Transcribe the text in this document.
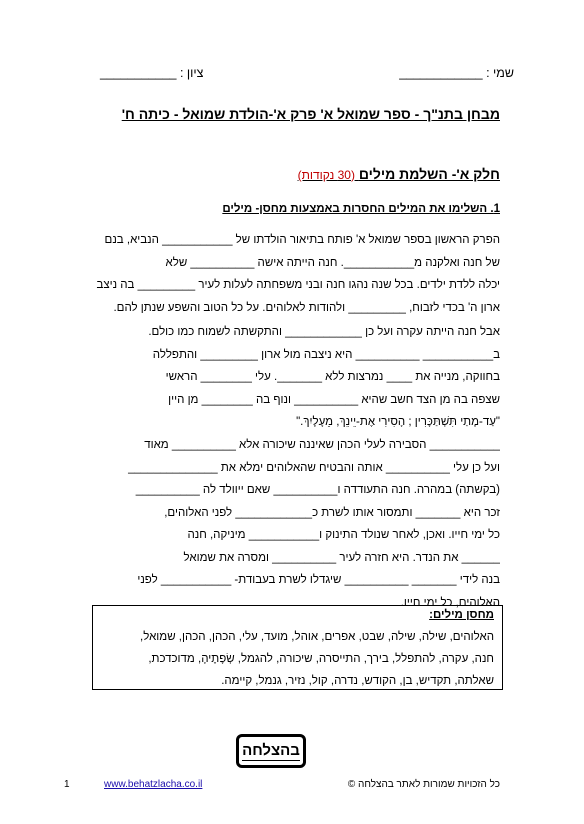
שמי : ____________
ציון : ___________
מבחן בתנ"ך - ספר שמואל א' פרק א'-הולדת שמואל - כיתה ח'
חלק א'- השלמת מילים (30 נקודות)
1. השלימו את המילים החסרות באמצעות מחסן- מילים
הפרק הראשון בספר שמואל א' פותח בתיאור הולדתו של ___________ הנביא, בנם
של חנה ואלקנה מ___________. חנה הייתה אישה __________ שלא
יכלה ללדת ילדים. בכל שנה נהגו חנה ובני משפחתה לעלות לעיר _________ בה ניצב
ארון ה' בכדי לזבוח, _________ ולהודות לאלוהים. על כל הטוב והשפע שנתן להם.
אבל חנה הייתה עקרה ועל כן ____________ והתקשתה לשמוח כמו כולם.
ב___________ __________ היא ניצבה מול ארון _________ והתפללה
בחווקה, מנייה את ____ נמרצות ללא _______. עלי ________ הראשי
שצפה בה מן הצד חשב שהיא __________ ונוף בה ________ מן היין
"עַד-מָתַי תִּשְׁתַּכָּרִין ; הָסִירִי אֶת-יֵינֵךְ, מֵעָלָיִךְ."
___________ הסבירה לעלי הכהן שאיננה שיכורה אלא __________ מאוד
ועל כן עלי __________ אותה והבטיח שהאלוהים ימלא את ______________
(בקשתה) במהרה. חנה התעודדה ו__________ שאם ייוולד לה __________
זכר היא _______ ותמסור אותו לשרת כ____________ לפני האלוהים,
כל ימי חייו. ואכן, לאחר שנולד התינוק ו___________ מיניקה, חנה
______ את הנדר. היא חזרה לעיר __________ ומסרה את שמואל
בנה לידי _______ __________ שיגדלו לשרת בעבודת- ___________ לפני
האלוהים, כל ימי חייו.
מחסן מילים:
האלוהים, שילה, שילה, שבט, אפרים, אוהל, מועד, עלי, הכהן, הכהן, שמואל,
חנה, עקרה, להתפלל, בירך, התייסרה, שיכורה, להגמל, שְׂפָתֶיהָ, מדוכדכת,
שאלתה, תקדיש, בן, הקודש, נדרה, קול, נזיר, גנמל, קיימה.
בהצלחה
1	www.behatzlacha.co.il	כל הזכויות שמורות לאתר בהצלחה ©
